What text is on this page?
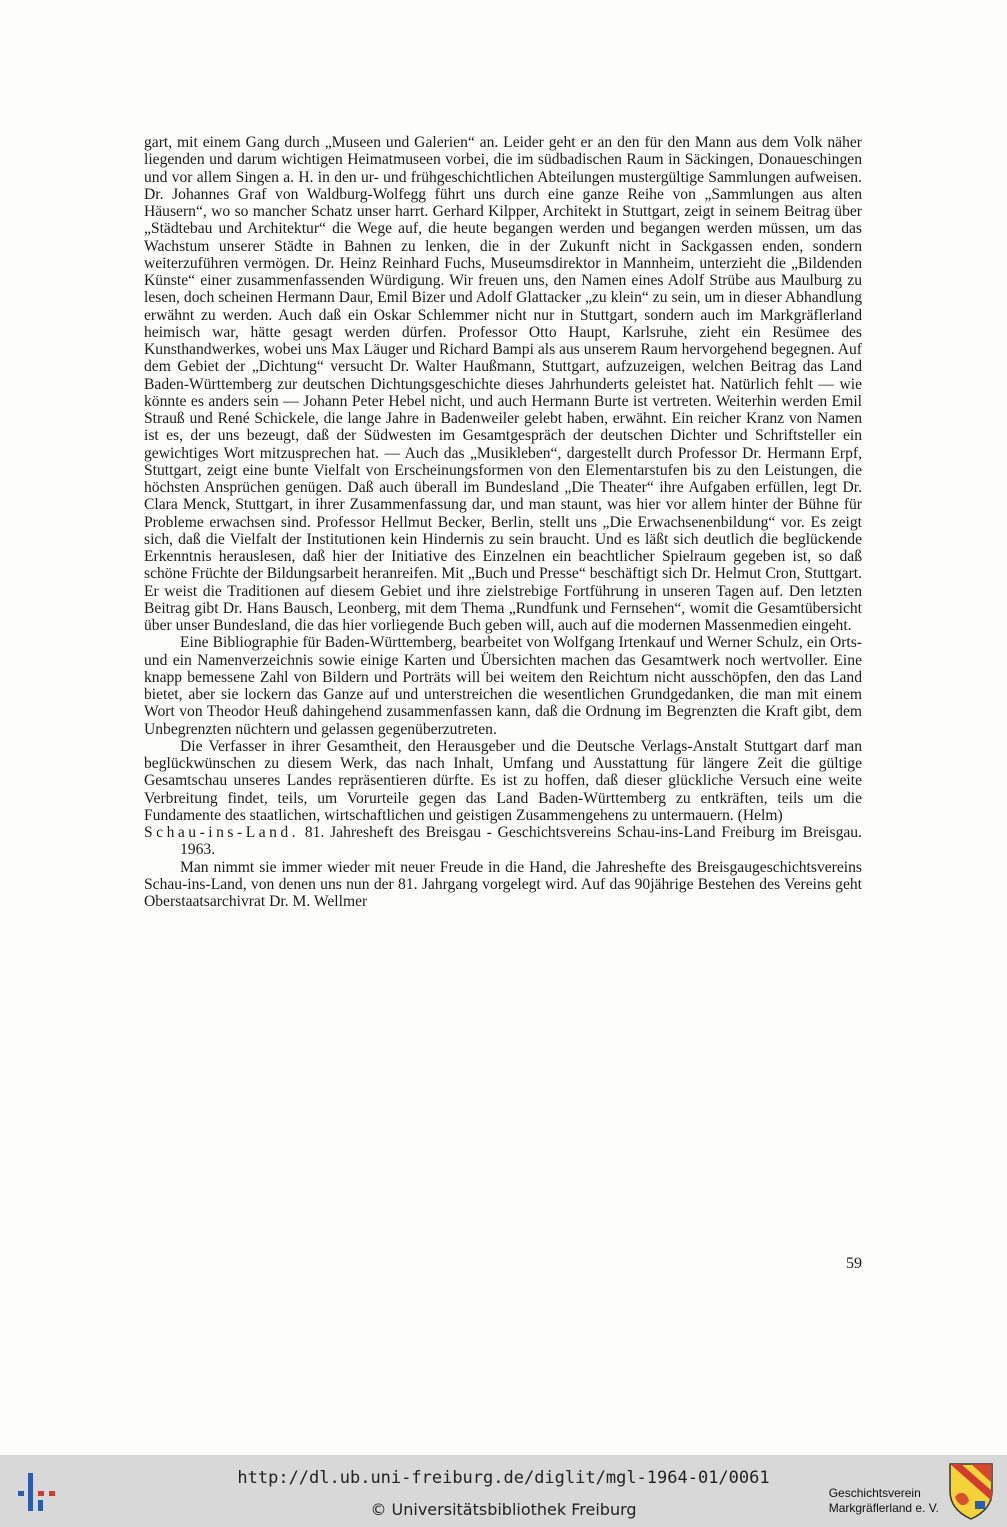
gart, mit einem Gang durch „Museen und Galerien“ an. Leider geht er an den für den Mann aus dem Volk näher liegenden und darum wichtigen Heimatmuseen vorbei, die im südbadischen Raum in Säckingen, Donaueschingen und vor allem Singen a. H. in den ur- und frühgeschichtlichen Abteilungen mustergültige Sammlungen aufweisen. Dr. Johannes Graf von Waldburg-Wolfegg führt uns durch eine ganze Reihe von „Sammlungen aus alten Häusern“, wo so mancher Schatz unser harrt. Gerhard Kilpper, Architekt in Stuttgart, zeigt in seinem Beitrag über „Städtebau und Architektur“ die Wege auf, die heute begangen werden und begangen werden müssen, um das Wachstum unserer Städte in Bahnen zu lenken, die in der Zukunft nicht in Sackgassen enden, sondern weiterzuführen vermögen. Dr. Heinz Reinhard Fuchs, Museumsdirektor in Mannheim, unterzieht die „Bildenden Künste“ einer zusammenfassenden Würdigung. Wir freuen uns, den Namen eines Adolf Strübe aus Maulburg zu lesen, doch scheinen Hermann Daur, Emil Bizer und Adolf Glattacker „zu klein“ zu sein, um in dieser Abhandlung erwähnt zu werden. Auch daß ein Oskar Schlemmer nicht nur in Stuttgart, sondern auch im Markgräflerland heimisch war, hätte gesagt werden dürfen. Professor Otto Haupt, Karlsruhe, zieht ein Resümee des Kunsthandwerkes, wobei uns Max Läuger und Richard Bampi als aus unserem Raum hervorgehend begegnen. Auf dem Gebiet der „Dichtung“ versucht Dr. Walter Haußmann, Stuttgart, aufzuzeigen, welchen Beitrag das Land Baden-Württemberg zur deutschen Dichtungsgeschichte dieses Jahrhunderts geleistet hat. Natürlich fehlt — wie könnte es anders sein — Johann Peter Hebel nicht, und auch Hermann Burte ist vertreten. Weiterhin werden Emil Strauß und René Schickele, die lange Jahre in Badenweiler gelebt haben, erwähnt. Ein reicher Kranz von Namen ist es, der uns bezeugt, daß der Südwesten im Gesamtgespräch der deutschen Dichter und Schriftsteller ein gewichtiges Wort mitzusprechen hat. — Auch das „Musikleben“, dargestellt durch Professor Dr. Hermann Erpf, Stuttgart, zeigt eine bunte Vielfalt von Erscheinungsformen von den Elementarstufen bis zu den Leistungen, die höchsten Ansprüchen genügen. Daß auch überall im Bundesland „Die Theater“ ihre Aufgaben erfüllen, legt Dr. Clara Menck, Stuttgart, in ihrer Zusammenfassung dar, und man staunt, was hier vor allem hinter der Bühne für Probleme erwachsen sind. Professor Hellmut Becker, Berlin, stellt uns „Die Erwachsenenbildung“ vor. Es zeigt sich, daß die Vielfalt der Institutionen kein Hindernis zu sein braucht. Und es läßt sich deutlich die beglückende Erkenntnis herauslesen, daß hier der Initiative des Einzelnen ein beachtlicher Spielraum gegeben ist, so daß schöne Früchte der Bildungsarbeit heranreifen. Mit „Buch und Presse“ beschäftigt sich Dr. Helmut Cron, Stuttgart. Er weist die Traditionen auf diesem Gebiet und ihre zielstrebige Fortführung in unseren Tagen auf. Den letzten Beitrag gibt Dr. Hans Bausch, Leonberg, mit dem Thema „Rundfunk und Fernsehen“, womit die Gesamtübersicht über unser Bundesland, die das hier vorliegende Buch geben will, auch auf die modernen Massenmedien eingeht.

Eine Bibliographie für Baden-Württemberg, bearbeitet von Wolfgang Irtenkauf und Werner Schulz, ein Orts- und ein Namenverzeichnis sowie einige Karten und Übersichten machen das Gesamtwerk noch wertvoller. Eine knapp bemessene Zahl von Bildern und Porträts will bei weitem den Reichtum nicht ausschöpfen, den das Land bietet, aber sie lockern das Ganze auf und unterstreichen die wesentlichen Grundgedanken, die man mit einem Wort von Theodor Heuß dahingehend zusammenfassen kann, daß die Ordnung im Begrenzten die Kraft gibt, dem Unbegrenzten nüchtern und gelassen gegenüberzutreten.

Die Verfasser in ihrer Gesamtheit, den Herausgeber und die Deutsche Verlags-Anstalt Stuttgart darf man beglückwünschen zu diesem Werk, das nach Inhalt, Umfang und Ausstattung für längere Zeit die gültige Gesamtschau unseres Landes repräsentieren dürfte. Es ist zu hoffen, daß dieser glückliche Versuch eine weite Verbreitung findet, teils, um Vorurteile gegen das Land Baden-Württemberg zu entkräften, teils um die Fundamente des staatlichen, wirtschaftlichen und geistigen Zusammengehens zu untermauern. (Helm)

Schau-ins-Land. 81. Jahresheft des Breisgau - Geschichtsvereins Schau-ins-Land Freiburg im Breisgau. 1963.

Man nimmt sie immer wieder mit neuer Freude in die Hand, die Jahreshefte des Breisgaugeschichtsvereins Schau-ins-Land, von denen uns nun der 81. Jahrgang vorgelegt wird. Auf das 90jährige Bestehen des Vereins geht Oberstaatsarchivrat Dr. M. Wellmer

59
http://dl.ub.uni-freiburg.de/diglit/mgl-1964-01/0061
© Universitätsbibliothek Freiburg
Geschichtsverein
Markgräflerland e. V.
